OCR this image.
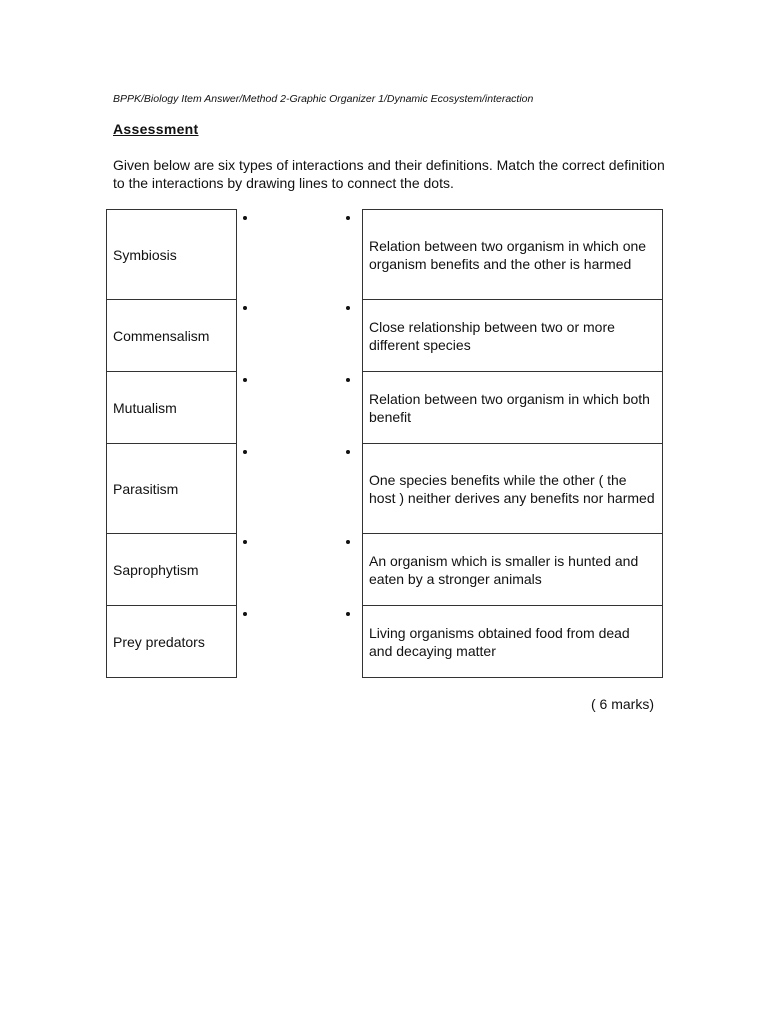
BPPK/Biology Item Answer/Method 2-Graphic Organizer 1/Dynamic Ecosystem/interaction
Assessment
Given below are six types of interactions and their definitions. Match the correct definition to the interactions by drawing lines to connect the dots.
Symbiosis
Commensalism
Mutualism
Parasitism
Saprophytism
Prey predators
Relation between two organism in which one organism benefits and the other is harmed
Close relationship between two or more different species
Relation between two organism in which both benefit
One species benefits while the other ( the host ) neither derives any benefits nor harmed
An organism which is smaller is hunted and eaten by a stronger animals
Living organisms obtained food from dead and decaying matter
( 6 marks)
